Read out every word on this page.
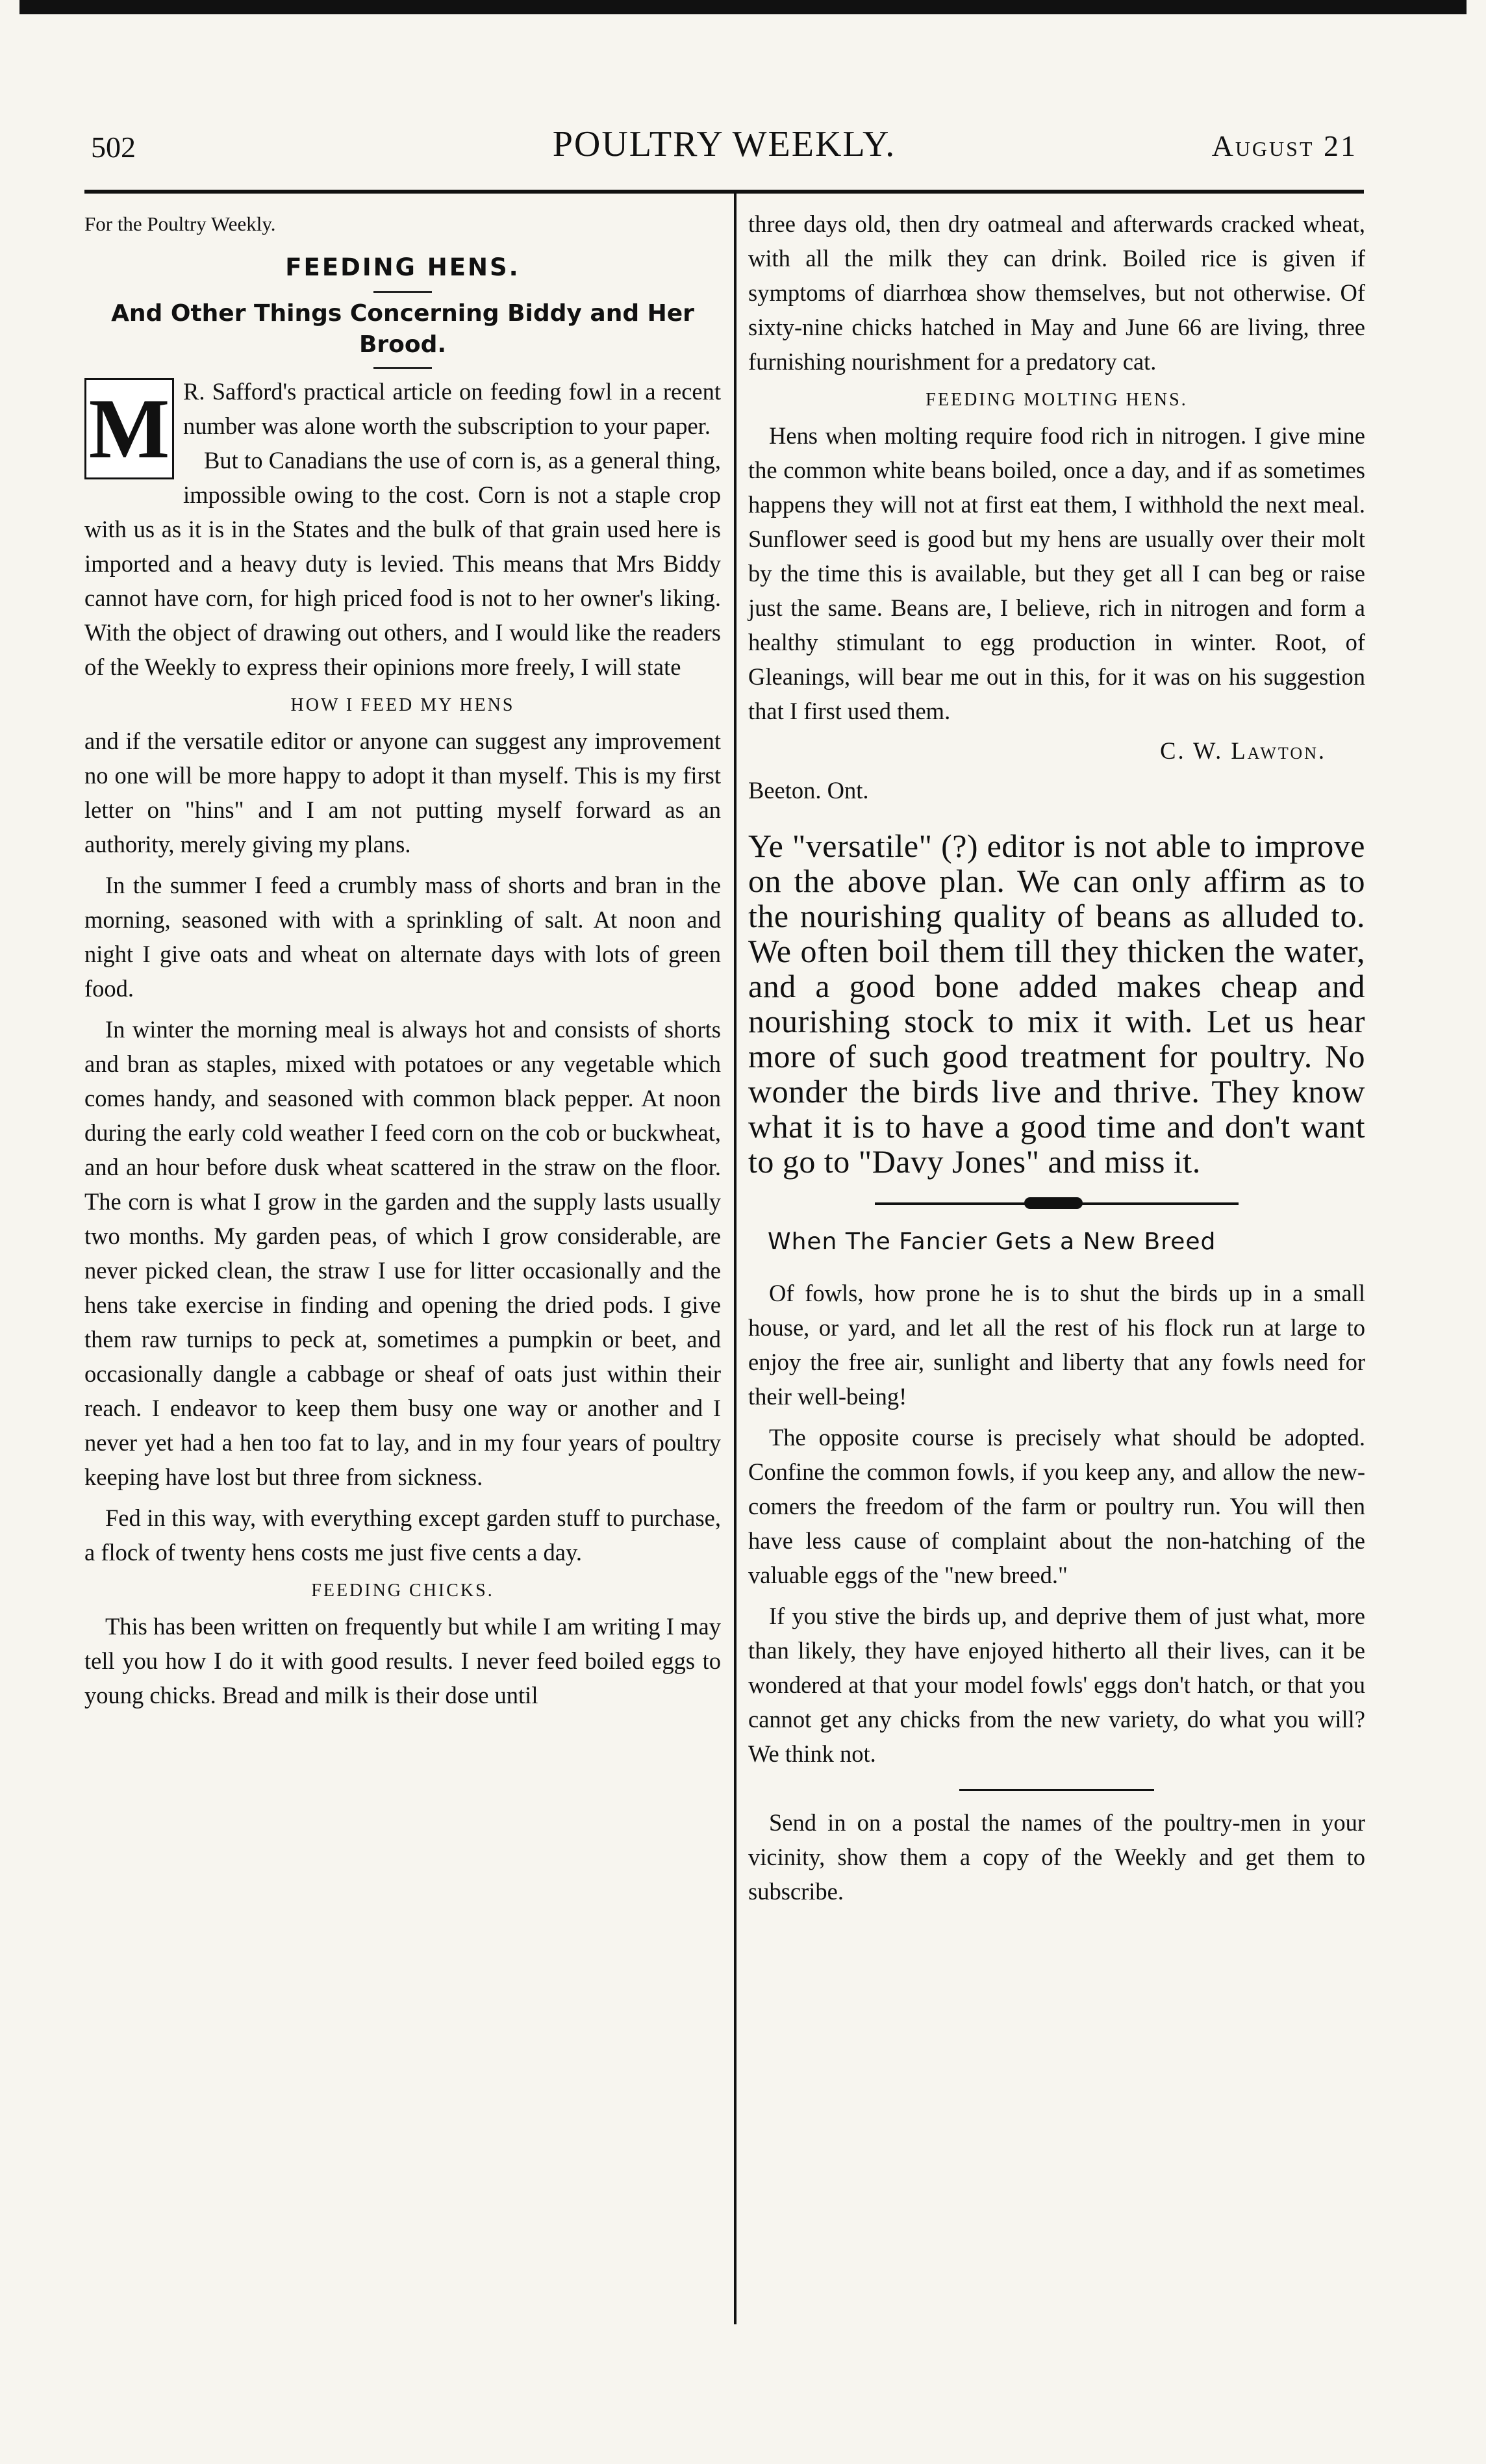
502	POULTRY WEEKLY.	August 21

For the Poultry Weekly.

FEEDING HENS.
And Other Things Concerning Biddy and Her Brood.
M R. Safford's practical article on feeding fowl in a recent number was alone worth the subscription to your paper.

But to Canadians the use of corn is, as a general thing, impossible owing to the cost. Corn is not a staple crop with us as it is in the States and the bulk of that grain used here is imported and a heavy duty is levied. This means that Mrs Biddy cannot have corn, for high priced food is not to her owner's liking. With the object of drawing out others, and I would like the readers of the Weekly to express their opinions more freely, I will state

HOW I FEED MY HENS

and if the versatile editor or anyone can suggest any improvement no one will be more happy to adopt it than myself. This is my first letter on "hins" and I am not putting myself forward as an authority, merely giving my plans.

In the summer I feed a crumbly mass of shorts and bran in the morning, seasoned with with a sprinkling of salt. At noon and night I give oats and wheat on alternate days with lots of green food.

In winter the morning meal is always hot and consists of shorts and bran as staples, mixed with potatoes or any vegetable which comes handy, and seasoned with common black pepper. At noon during the early cold weather I feed corn on the cob or buckwheat, and an hour before dusk wheat scattered in the straw on the floor. The corn is what I grow in the garden and the supply lasts usually two months. My garden peas, of which I grow considerable, are never picked clean, the straw I use for litter occasionally and the hens take exercise in finding and opening the dried pods. I give them raw turnips to peck at, sometimes a pumpkin or beet, and occasionally dangle a cabbage or sheaf of oats just within their reach. I endeavor to keep them busy one way or another and I never yet had a hen too fat to lay, and in my four years of poultry keeping have lost but three from sickness.

Fed in this way, with everything except garden stuff to purchase, a flock of twenty hens costs me just five cents a day.

FEEDING CHICKS.

This has been written on frequently but while I am writing I may tell you how I do it with good results. I never feed boiled eggs to young chicks. Bread and milk is their dose until

three days old, then dry oatmeal and afterwards cracked wheat, with all the milk they can drink. Boiled rice is given if symptoms of diarrhœa show themselves, but not otherwise. Of sixty-nine chicks hatched in May and June 66 are living, three furnishing nourishment for a predatory cat.

FEEDING MOLTING HENS.

Hens when molting require food rich in nitrogen. I give mine the common white beans boiled, once a day, and if as sometimes happens they will not at first eat them, I withhold the next meal. Sunflower seed is good but my hens are usually over their molt by the time this is available, but they get all I can beg or raise just the same. Beans are, I believe, rich in nitrogen and form a healthy stimulant to egg production in winter. Root, of Gleanings, will bear me out in this, for it was on his suggestion that I first used them.

C. W. Lawton.

Beeton. Ont.

Ye "versatile" (?) editor is not able to improve on the above plan. We can only affirm as to the nourishing quality of beans as alluded to. We often boil them till they thicken the water, and a good bone added makes cheap and nourishing stock to mix it with. Let us hear more of such good treatment for poultry. No wonder the birds live and thrive. They know what it is to have a good time and don't want to go to "Davy Jones" and miss it.

When The Fancier Gets a New Breed

Of fowls, how prone he is to shut the birds up in a small house, or yard, and let all the rest of his flock run at large to enjoy the free air, sunlight and liberty that any fowls need for their well-being!

The opposite course is precisely what should be adopted. Confine the common fowls, if you keep any, and allow the new-comers the freedom of the farm or poultry run. You will then have less cause of complaint about the non-hatching of the valuable eggs of the "new breed."

If you stive the birds up, and deprive them of just what, more than likely, they have enjoyed hitherto all their lives, can it be wondered at that your model fowls' eggs don't hatch, or that you cannot get any chicks from the new variety, do what you will? We think not.

Send in on a postal the names of the poultry-men in your vicinity, show them a copy of the Weekly and get them to subscribe.
